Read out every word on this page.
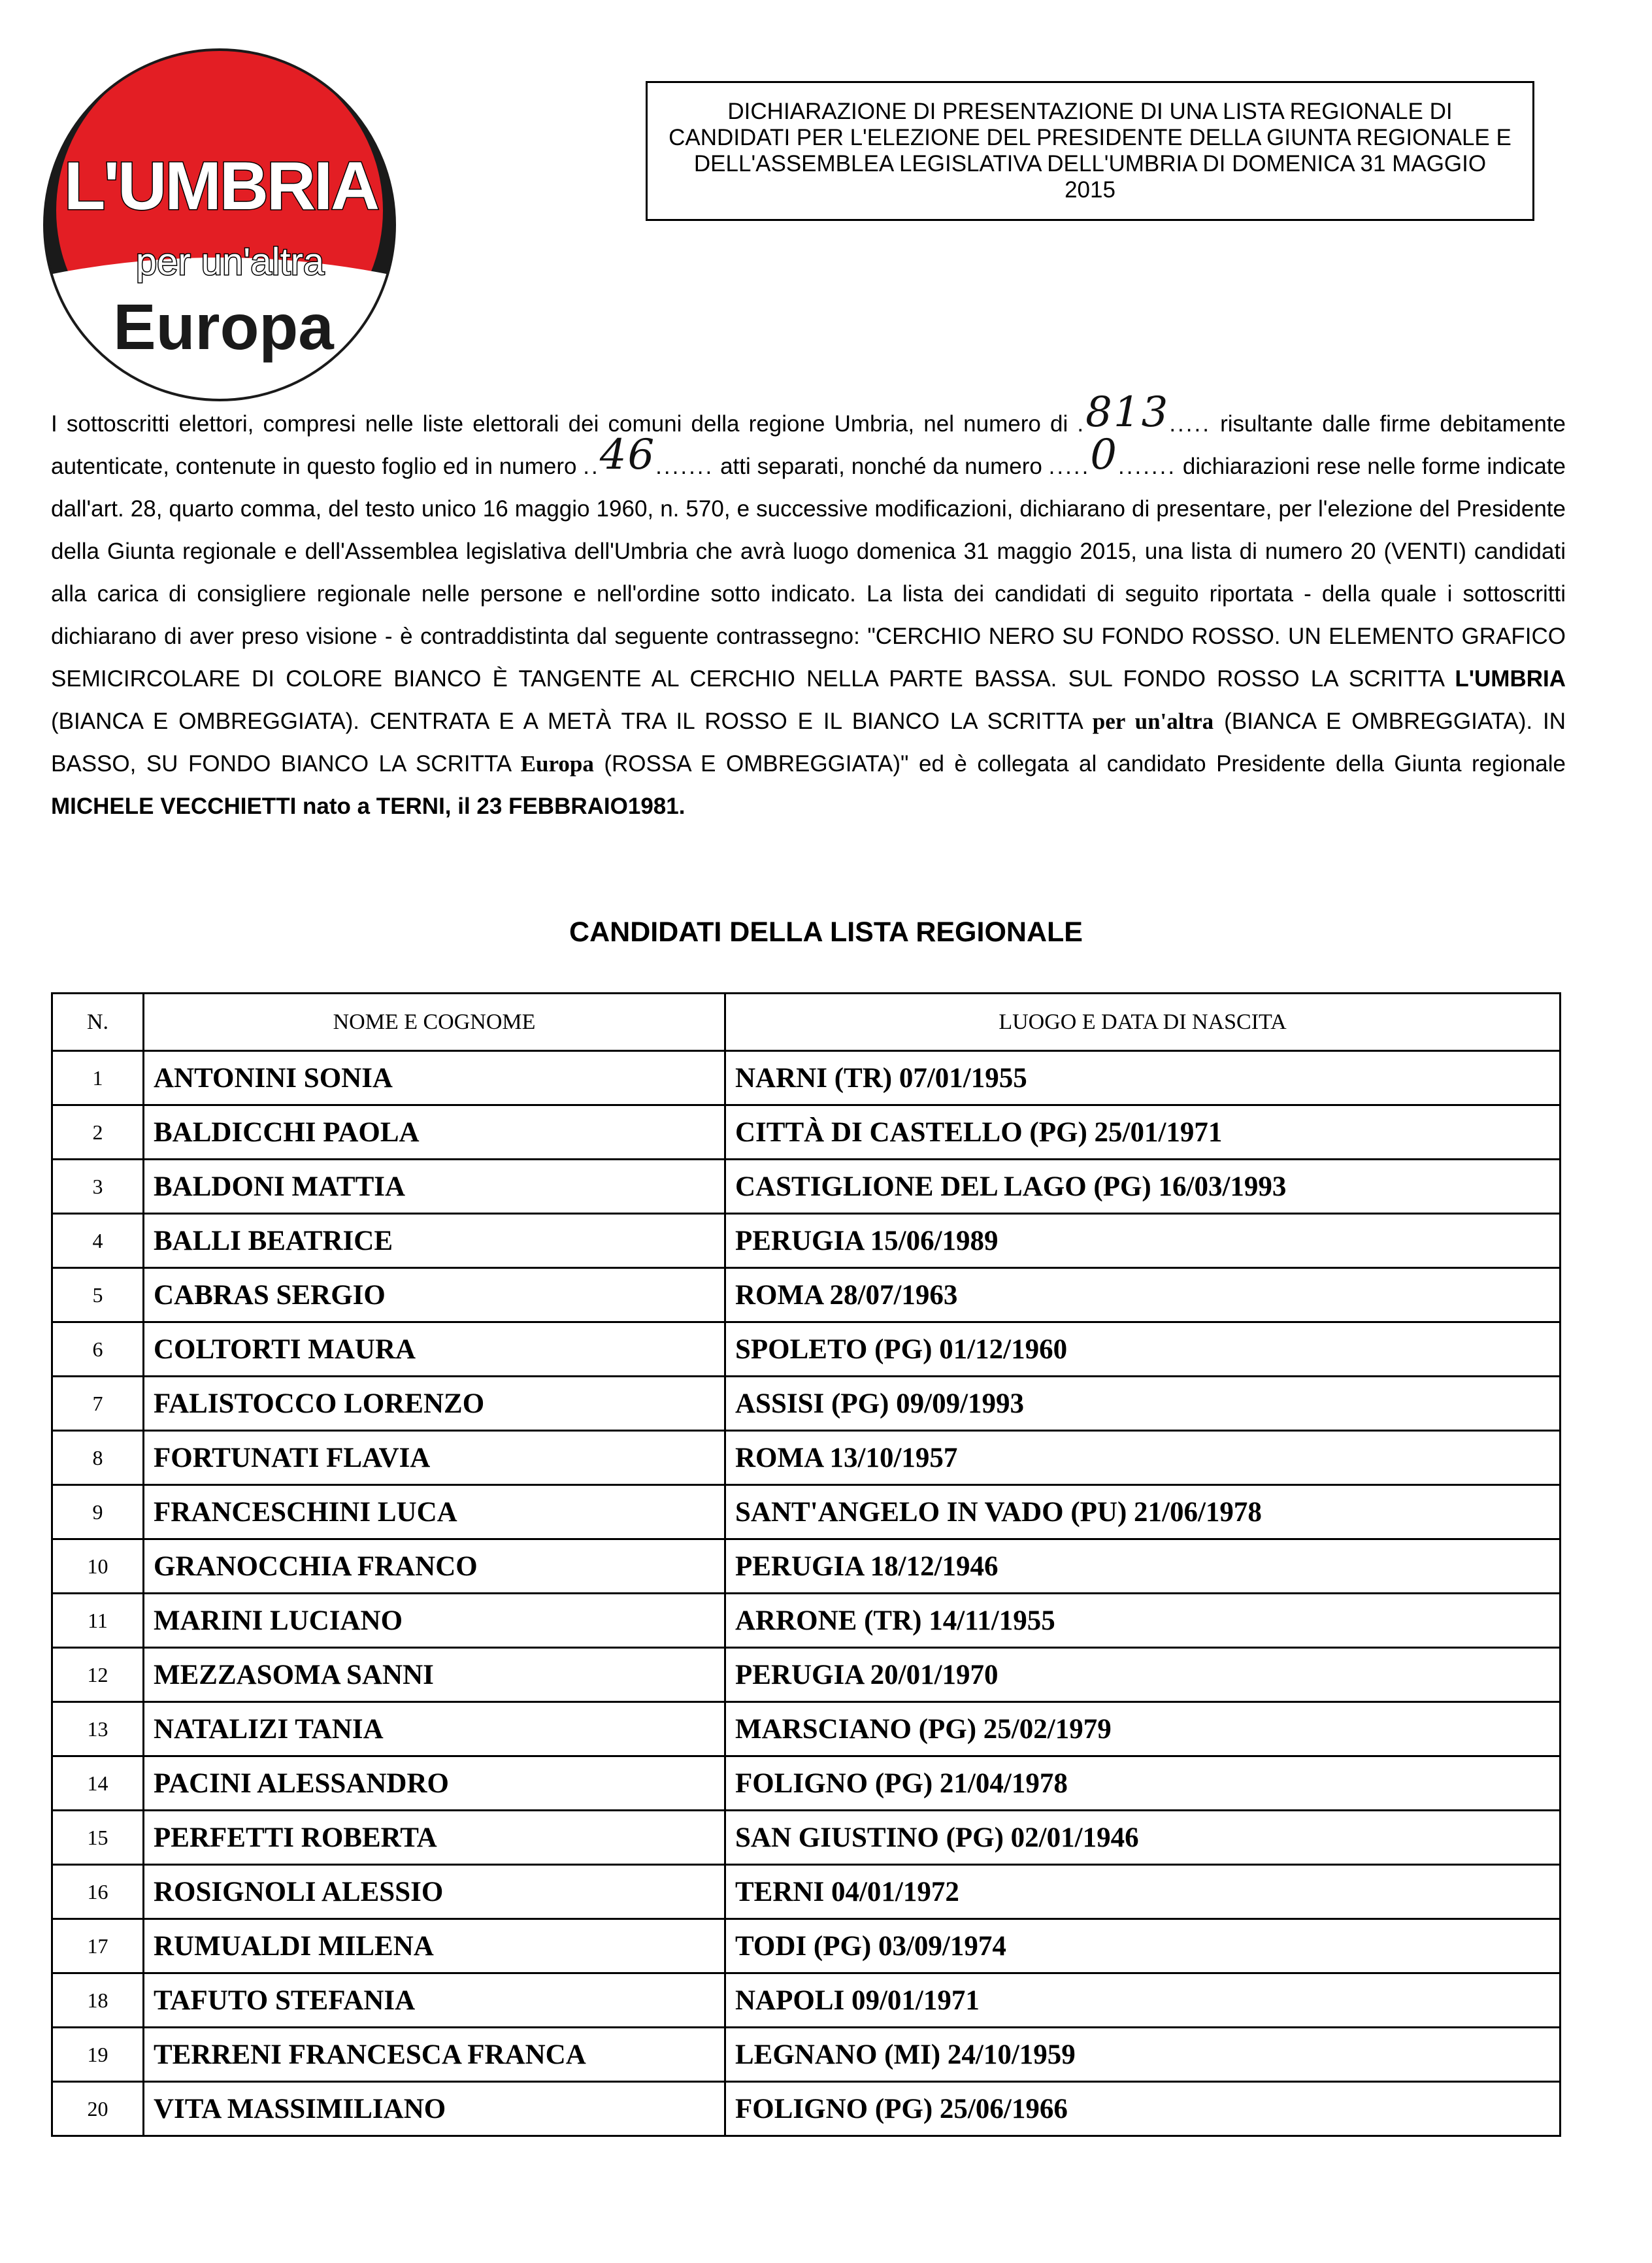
L'UMBRIA
per un'altra
Europa

DICHIARAZIONE DI PRESENTAZIONE DI UNA LISTA REGIONALE DI CANDIDATI PER L'ELEZIONE DEL PRESIDENTE DELLA GIUNTA REGIONALE E DELL'ASSEMBLEA LEGISLATIVA DELL'UMBRIA DI DOMENICA 31 MAGGIO 2015

I sottoscritti elettori, compresi nelle liste elettorali dei comuni della regione Umbria, nel numero di .813..... risultante dalle firme debitamente autenticate, contenute in questo foglio ed in numero ..46....... atti separati, nonché da numero .....0....... dichiarazioni rese nelle forme indicate dall'art. 28, quarto comma, del testo unico 16 maggio 1960, n. 570, e successive modificazioni, dichiarano di presentare, per l'elezione del Presidente della Giunta regionale e dell'Assemblea legislativa dell'Umbria che avrà luogo domenica 31 maggio 2015, una lista di numero 20 (VENTI) candidati alla carica di consigliere regionale nelle persone e nell'ordine sotto indicato. La lista dei candidati di seguito riportata - della quale i sottoscritti dichiarano di aver preso visione - è contraddistinta dal seguente contrassegno: "CERCHIO NERO SU FONDO ROSSO. UN ELEMENTO GRAFICO SEMICIRCOLARE DI COLORE BIANCO È TANGENTE AL CERCHIO NELLA PARTE BASSA. SUL FONDO ROSSO LA SCRITTA L'UMBRIA (BIANCA E OMBREGGIATA). CENTRATA E A METÀ TRA IL ROSSO E IL BIANCO LA SCRITTA per un'altra (BIANCA E OMBREGGIATA). IN BASSO, SU FONDO BIANCO LA SCRITTA Europa (ROSSA E OMBREGGIATA)" ed è collegata al candidato Presidente della Giunta regionale MICHELE VECCHIETTI nato a TERNI, il 23 FEBBRAIO1981.

CANDIDATI DELLA LISTA REGIONALE
N.	NOME E COGNOME	LUOGO E DATA DI NASCITA
1	ANTONINI SONIA	NARNI (TR) 07/01/1955
2	BALDICCHI PAOLA	CITTÀ DI CASTELLO (PG) 25/01/1971
3	BALDONI MATTIA	CASTIGLIONE DEL LAGO (PG) 16/03/1993
4	BALLI BEATRICE	PERUGIA 15/06/1989
5	CABRAS SERGIO	ROMA 28/07/1963
6	COLTORTI MAURA	SPOLETO (PG) 01/12/1960
7	FALISTOCCO LORENZO	ASSISI (PG) 09/09/1993
8	FORTUNATI FLAVIA	ROMA 13/10/1957
9	FRANCESCHINI LUCA	SANT'ANGELO IN VADO (PU) 21/06/1978
10	GRANOCCHIA FRANCO	PERUGIA 18/12/1946
11	MARINI LUCIANO	ARRONE (TR) 14/11/1955
12	MEZZASOMA SANNI	PERUGIA 20/01/1970
13	NATALIZI TANIA	MARSCIANO (PG) 25/02/1979
14	PACINI ALESSANDRO	FOLIGNO (PG) 21/04/1978
15	PERFETTI ROBERTA	SAN GIUSTINO (PG) 02/01/1946
16	ROSIGNOLI ALESSIO	TERNI 04/01/1972
17	RUMUALDI MILENA	TODI (PG) 03/09/1974
18	TAFUTO STEFANIA	NAPOLI 09/01/1971
19	TERRENI FRANCESCA FRANCA	LEGNANO (MI) 24/10/1959
20	VITA MASSIMILIANO	FOLIGNO (PG) 25/06/1966
